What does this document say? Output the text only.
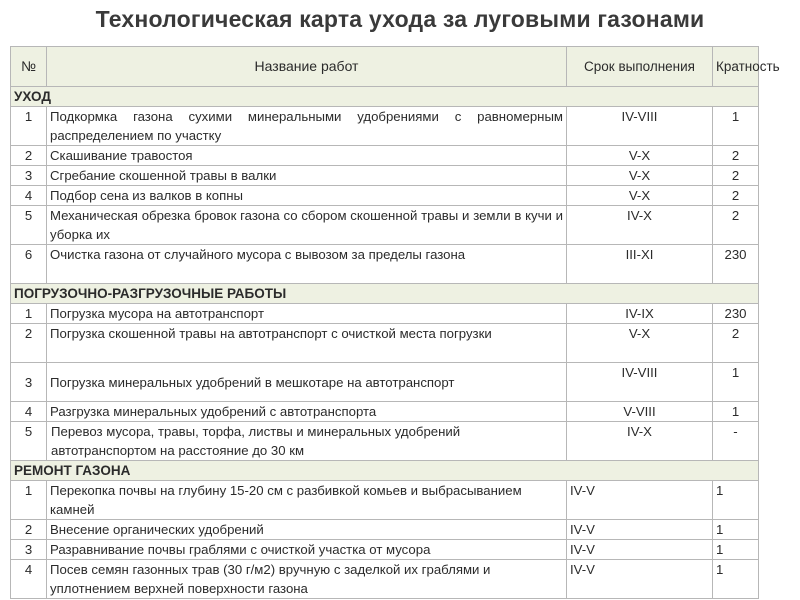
Технологическая карта ухода за луговыми газонами
№	Название работ	Срок выполнения	Кратность
УХОД			
1	Подкормка газона сухими минеральными удобрениями с равномерным распределением по участку	IV-VIII	1
2	Скашивание травостоя	V-X	2
3	Сгребание скошенной травы в валки	V-X	2
4	Подбор сена из валков в копны	V-X	2
5	Механическая обрезка бровок газона со сбором скошенной травы и земли в кучи и уборка их	IV-X	2
6	Очистка газона от случайного мусора с вывозом за пределы газона	III-XI	230
ПОГРУЗОЧНО-РАЗГРУЗОЧНЫЕ РАБОТЫ			
1	Погрузка мусора на автотранспорт	IV-IX	230
2	Погрузка скошенной травы на автотранспорт с очисткой места погрузки	V-X	2
3	Погрузка минеральных удобрений в мешкотаре на автотранспорт	IV-VIII	1
4	Разгрузка минеральных удобрений с автотранспорта	V-VIII	1
5	Перевоз мусора, травы, торфа, листвы и минеральных удобрений автотранспортом на расстояние до 30 км	IV-X	-
РЕМОНТ ГАЗОНА			
1	Перекопка почвы на глубину 15-20 см с разбивкой комьев и выбрасыванием камней	IV-V	1
2	Внесение органических удобрений	IV-V	1
3	Разравнивание почвы граблями с очисткой участка от мусора	IV-V	1
4	Посев семян газонных трав (30 г/м2) вручную с заделкой их граблями и уплотнением верхней поверхности газона	IV-V	1
